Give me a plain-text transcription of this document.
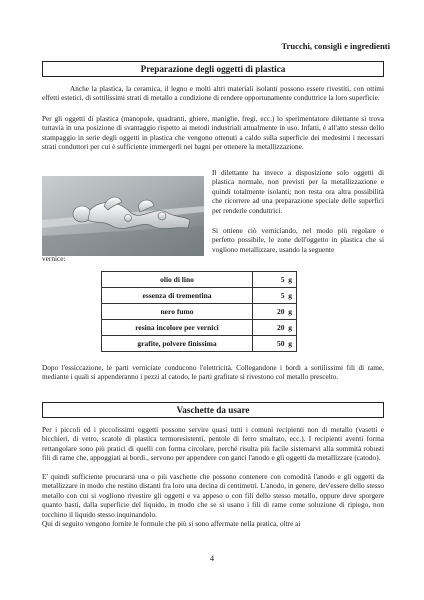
Trucchi, consigli e ingredienti
Preparazione degli oggetti di plastica

Anche la plastica, la ceramica, il legno e molti altri materiali isolanti possono essere rivestiti, con ottimi effetti estetici, di sottilissimi strati di metallo a condizione di rendere opportunamente conduttrice la loro superficie.

Per gli oggetti di plastica (manopole, quadranti, ghiere, maniglie, fregi, ecc.) lo sperimentatore dilettante si trova tuttavia in una posizione di svantaggio rispetto ai metodi industriali attualmente in uso. Infatti, è all'atto stesso dello stampaggio in serie degli oggetti in plastica che vengono ottenuti a caldo sulla superficie dei medesimi i necessari strati conduttori per cui è sufficiente immergerli nei bagni per ottenere la metallizzazione.

Il dilettante ha invece a disposizione solo oggetti di plastica normale, non previsti per la metallizzazione e quindi totalmente isolanti; non resta ora altra possibilità che ricorrere ad una preparazione speciale delle superfici per renderle conduttrici.

Si ottiene ciò verniciando, nel modo più regolare e perfetto possibile, le zone dell'oggetto in plastica che si vogliono metallizzare, usando la seguente

vernice:

olio di lino	5 g
essenza di trementina	5 g
nero fumo	20 g
resina incolore per vernici	20 g
grafite, polvere finissima	50 g

Dopo l'essiccazione, le parti verniciate conducono l'elettricità. Collegandone i bordi a sottilissimi fili di rame, mediante i quali si appenderanno i pezzi al catodo, le parti grafitate si rivestono col metallo prescelto.

Vaschette da usare

Per i piccoli ed i piccolissimi oggetti possono servire quasi tutti i comuni recipienti non di metallo (vasetti e bicchieri, di vetro, scatole di plastica termoresistenti, pentole di ferro smaltato, ecc.). I recipienti aventi forma rettangolare sono più pratici di quelli con forma circolare, perché risulta più facile sistemarvi alla sommità robusti fili di rame che, appoggiati ai bordi., servono per appendere con ganci l'anodo e gli oggetti da metallizzare (catodo).

E' quindi sufficiente procurarsi una o più vaschette che possono contenere con comodità l'anodo e gli oggetti da metallizzare in modo che restino distanti fra loro una decina di centimetri. L'anodo, in genere, dev'essere dello stesso metallo con cui si vogliono rivestire gli oggetti e va appeso o con fili dello stesso metallo, oppure deve sporgere quanto basti, dalla superficie del liquido, in modo che se si usano i fili di rame come soluzione di ripiego, non tocchino il liquido stesso inquinandolo.

Qui di seguito vengono fornite le formule che più si sono affermate nella pratica, oltre ai

4
